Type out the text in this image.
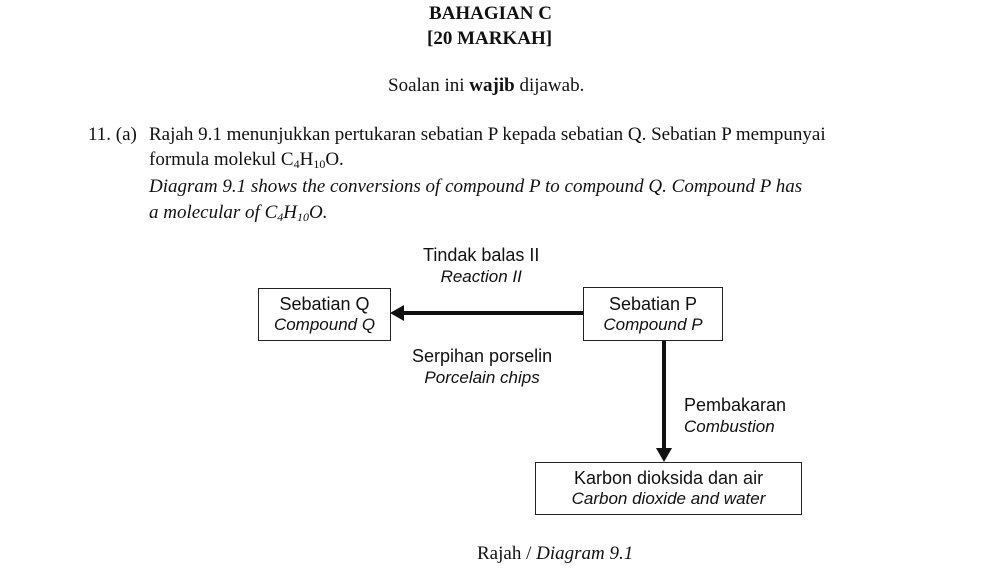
BAHAGIAN C
[20 MARKAH]
Soalan ini wajib dijawab.
11. (a) Rajah 9.1 menunjukkan pertukaran sebatian P kepada sebatian Q. Sebatian P mempunyai
formula molekul $C_4H_{10}O$.
Diagram 9.1 shows the conversions of compound P to compound Q. Compound P has
a molecular of $C_4H_{10}O$.
Tindak balas II
Reaction II
Sebatian Q
Compound Q
Sebatian P
Compound P
Serpihan porselin
Porcelain chips
Pembakaran
Combustion
Karbon dioksida dan air
Carbon dioxide and water
Rajah / Diagram 9.1
